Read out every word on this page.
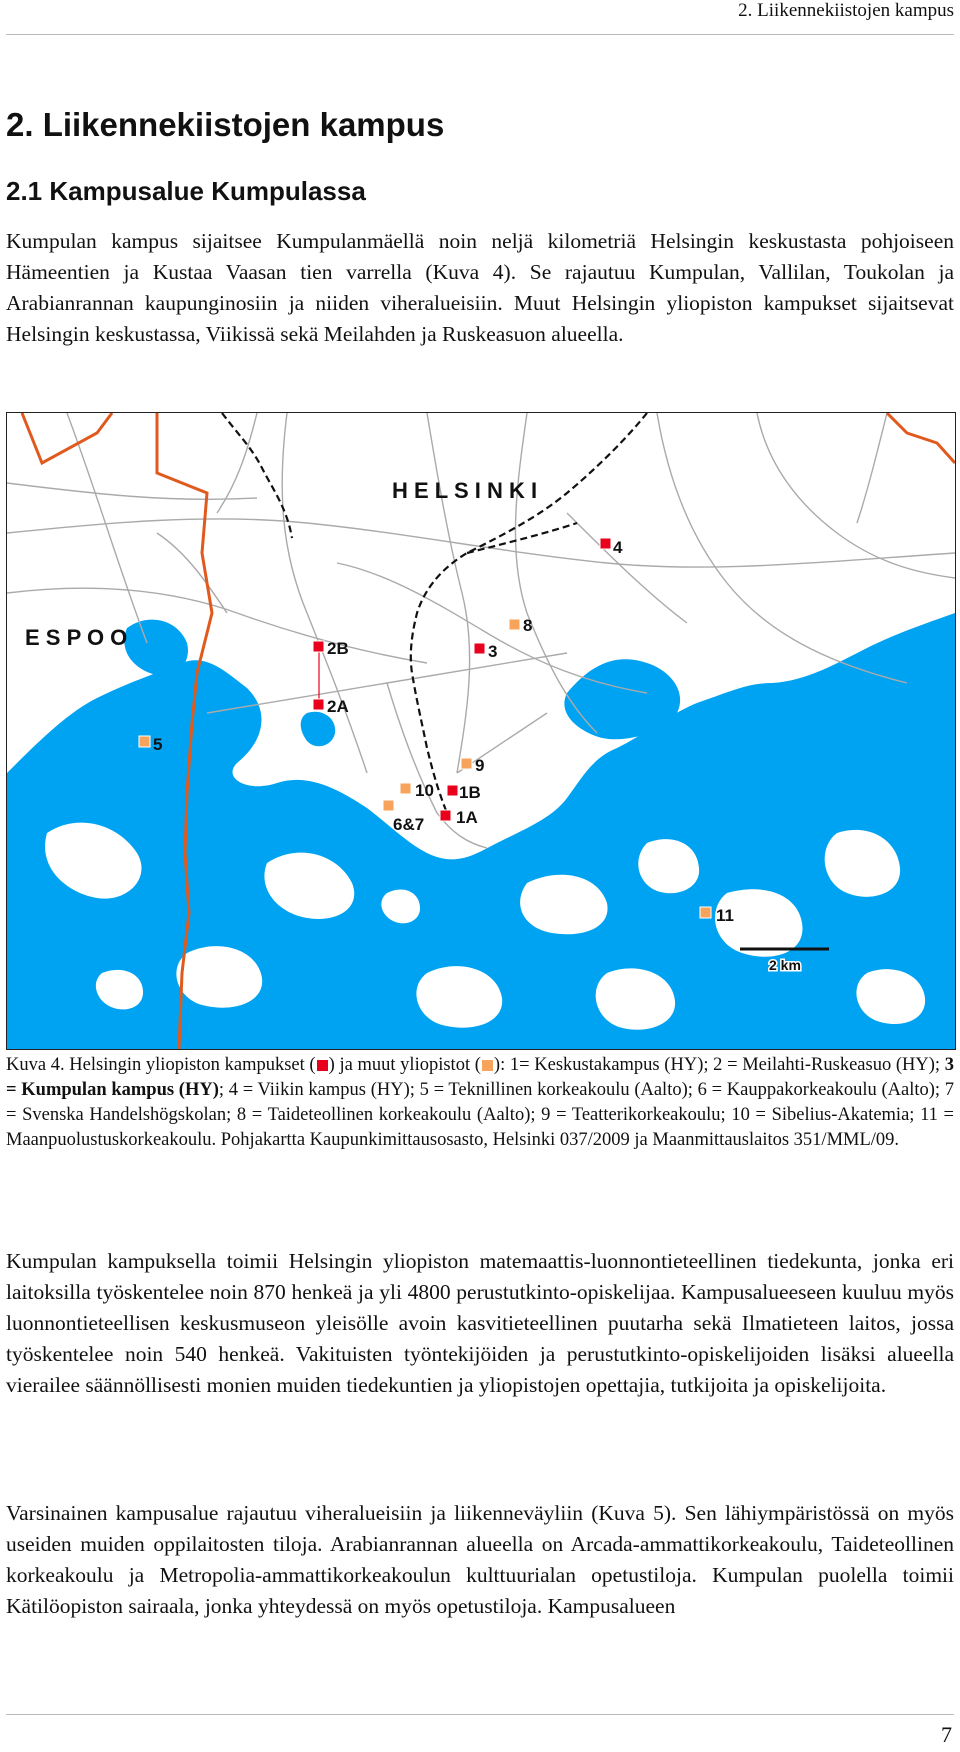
2. Liikennekiistojen kampus
2. Liikennekiistojen kampus
2.1 Kampusalue Kumpulassa

Kumpulan kampus sijaitsee Kumpulanmäellä noin neljä kilometriä Helsingin keskustasta pohjoiseen Hämeentien ja Kustaa Vaasan tien varrella (Kuva 4). Se rajautuu Kumpulan, Vallilan, Toukolan ja Arabianrannan kaupunginosiin ja niiden viheralueisiin. Muut Helsingin yliopiston kampukset sijaitsevat Helsingin keskustassa, Viikissä sekä Meilahden ja Ruskeasuon alueella.

H E L S I N K I
E S P O O
4
8
3
2B
2A
5
9
10 1B
6&7 1A
11
2 km

Kuva 4. Helsingin yliopiston kampukset ( ) ja muut yliopistot ( ): 1= Keskustakampus (HY); 2 = Meilahti-Ruskeasuo (HY); 3 = Kumpulan kampus (HY); 4 = Viikin kampus (HY); 5 = Teknillinen korkeakoulu (Aalto); 6 = Kauppakorkeakoulu (Aalto); 7 = Svenska Handelshögskolan; 8 = Taideteollinen korkeakoulu (Aalto); 9 = Teatterikorkeakoulu; 10 = Sibelius-Akatemia; 11 = Maanpuolustuskorkeakoulu. Pohjakartta Kaupunkimittausosasto, Helsinki 037/2009 ja Maanmittauslaitos 351/MML/09.

Kumpulan kampuksella toimii Helsingin yliopiston matemaattis-luonnontieteellinen tiedekunta, jonka eri laitoksilla työskentelee noin 870 henkeä ja yli 4800 perustutkinto-opiskelijaa. Kampusalueeseen kuuluu myös luonnontieteellisen keskusmuseon yleisölle avoin kasvitieteellinen puutarha sekä Ilmatieteen laitos, jossa työskentelee noin 540 henkeä. Vakituisten työntekijöiden ja perustutkinto-opiskelijoiden lisäksi alueella vierailee säännöllisesti monien muiden tiedekuntien ja yliopistojen opettajia, tutkijoita ja opiskelijoita.

Varsinainen kampusalue rajautuu viheralueisiin ja liikenneväyliin (Kuva 5). Sen lähiympäristössä on myös useiden muiden oppilaitosten tiloja. Arabianrannan alueella on Arcada-ammattikorkeakoulu, Taideteollinen korkeakoulu ja Metropolia-ammattikorkeakoulun kulttuurialan opetustiloja. Kumpulan puolella toimii Kätilöopiston sairaala, jonka yhteydessä on myös opetustiloja. Kampusalueen

7
